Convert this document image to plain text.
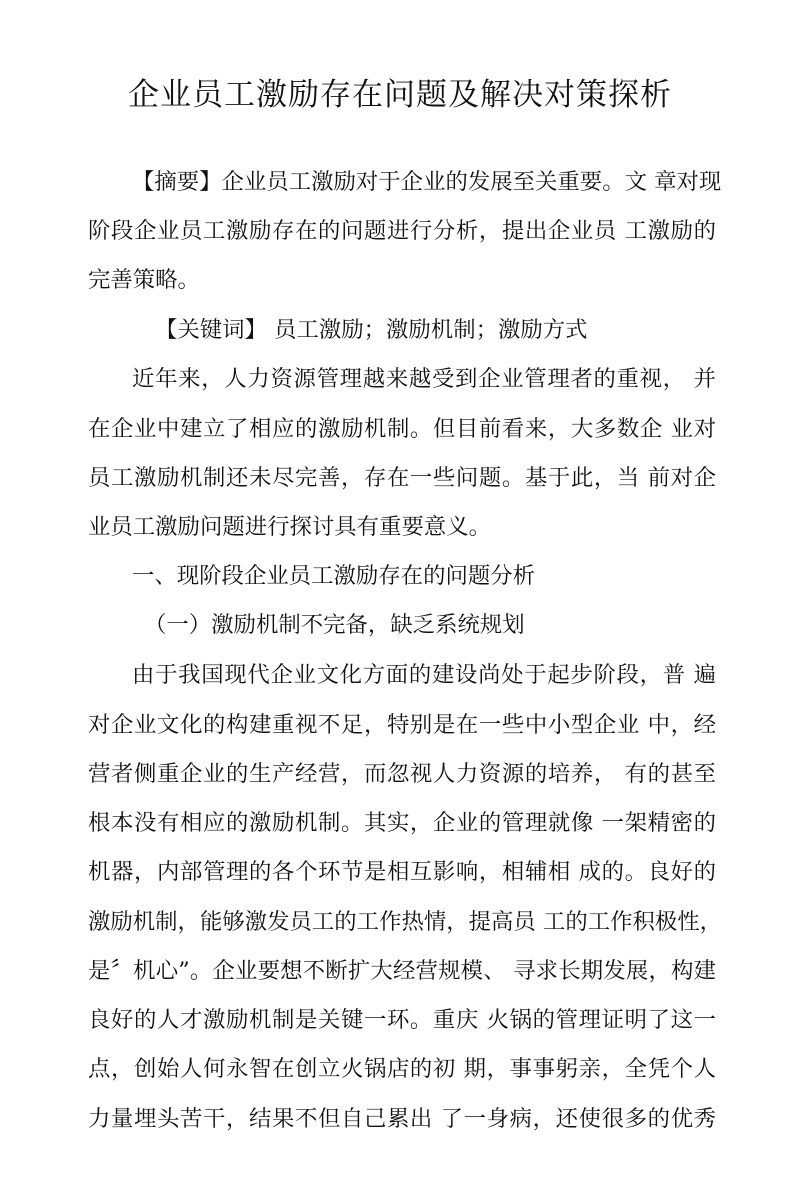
企业员工激励存在问题及解决对策探析
【摘要】企业员工激励对于企业的发展至关重要。文 章对现
阶段企业员工激励存在的问题进行分析，提出企业员 工激励的
完善策略。
【关键词】 员工激励；激励机制；激励方式
近年来，人力资源管理越来越受到企业管理者的重视， 并
在企业中建立了相应的激励机制。但目前看来，大多数企 业对
员工激励机制还未尽完善，存在一些问题。基于此，当 前对企
业员工激励问题进行探讨具有重要意义。
一、现阶段企业员工激励存在的问题分析
（一）激励机制不完备，缺乏系统规划
由于我国现代企业文化方面的建设尚处于起步阶段，普 遍
对企业文化的构建重视不足，特别是在一些中小型企业 中，经
营者侧重企业的生产经营，而忽视人力资源的培养， 有的甚至
根本没有相应的激励机制。其实，企业的管理就像 一架精密的
机器，内部管理的各个环节是相互影响，相辅相 成的。良好的
激励机制，能够激发员工的工作热情，提高员 工的工作积极性，
是〞机心”。企业要想不断扩大经营规模、 寻求长期发展，构建
良好的人才激励机制是关键一环。重庆 火锅的管理证明了这一
点，创始人何永智在创立火锅店的初 期，事事躬亲，全凭个人
力量埋头苦干，结果不但自己累出 了一身病，还使很多的优秀
